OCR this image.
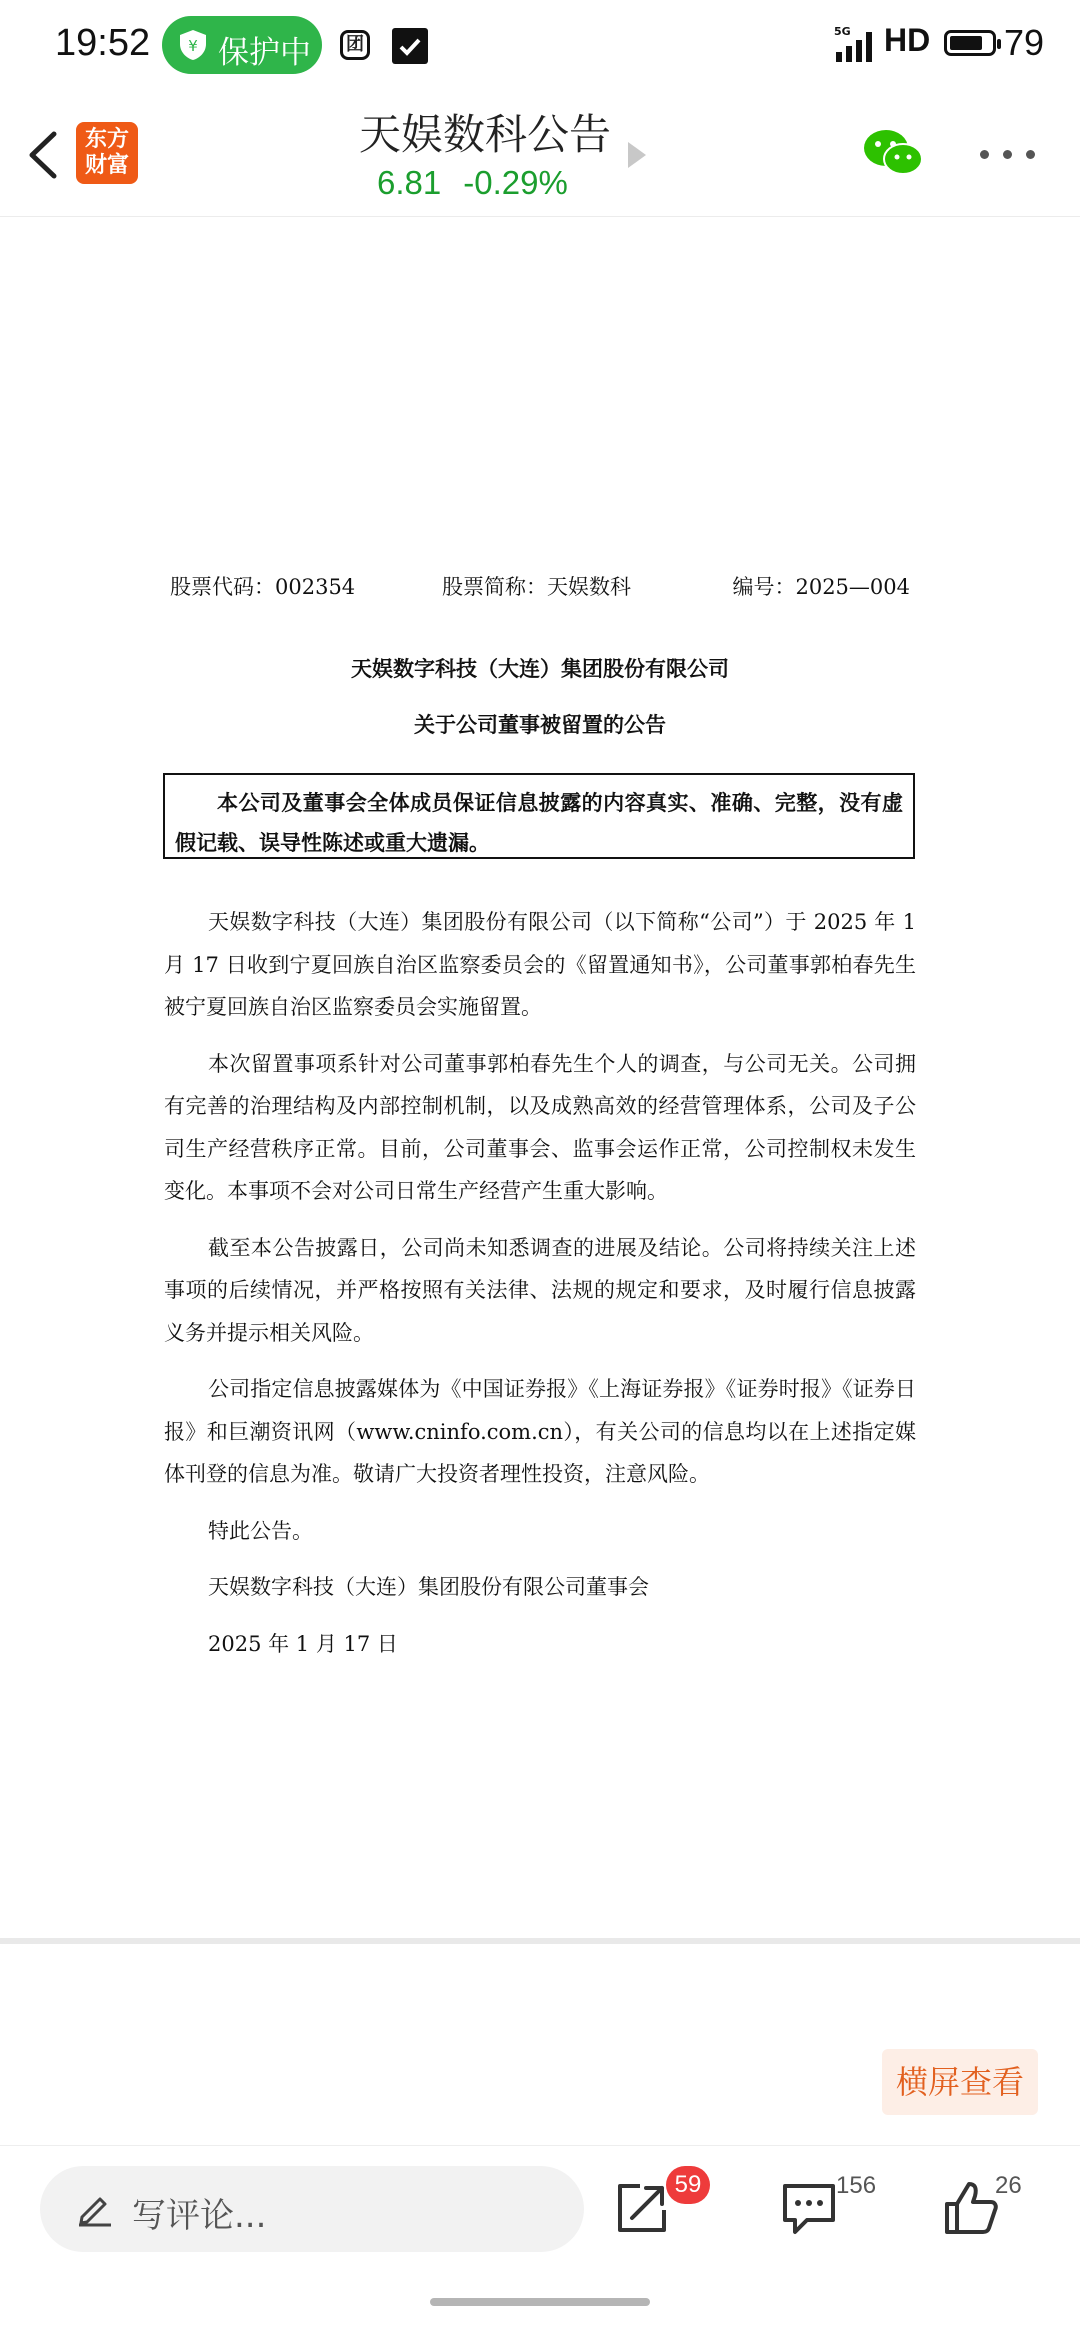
19:52	¥ 保护中	团
5G HD 79
东方
财富
天娱数科公告
6.81 -0.29%
股票代码：002354	股票简称：天娱数科	编号：2025—004
天娱数字科技（大连）集团股份有限公司
关于公司董事被留置的公告
本公司及董事会全体成员保证信息披露的内容真实、准确、完整，没有虚假记载、误导性陈述或重大遗漏。

天娱数字科技（大连）集团股份有限公司（以下简称“公司”）于 2025 年 1 月 17 日收到宁夏回族自治区监察委员会的《留置通知书》，公司董事郭柏春先生被宁夏回族自治区监察委员会实施留置。

本次留置事项系针对公司董事郭柏春先生个人的调查，与公司无关。公司拥有完善的治理结构及内部控制机制，以及成熟高效的经营管理体系，公司及子公司生产经营秩序正常。目前，公司董事会、监事会运作正常，公司控制权未发生变化。本事项不会对公司日常生产经营产生重大影响。

截至本公告披露日，公司尚未知悉调查的进展及结论。公司将持续关注上述事项的后续情况，并严格按照有关法律、法规的规定和要求，及时履行信息披露义务并提示相关风险。

公司指定信息披露媒体为《中国证券报》《上海证券报》《证券时报》《证券日报》和巨潮资讯网（www.cninfo.com.cn），有关公司的信息均以在上述指定媒体刊登的信息为准。敬请广大投资者理性投资，注意风险。

特此公告。

天娱数字科技（大连）集团股份有限公司董事会

2025 年 1 月 17 日

横屏查看
写评论...
59	156	26
